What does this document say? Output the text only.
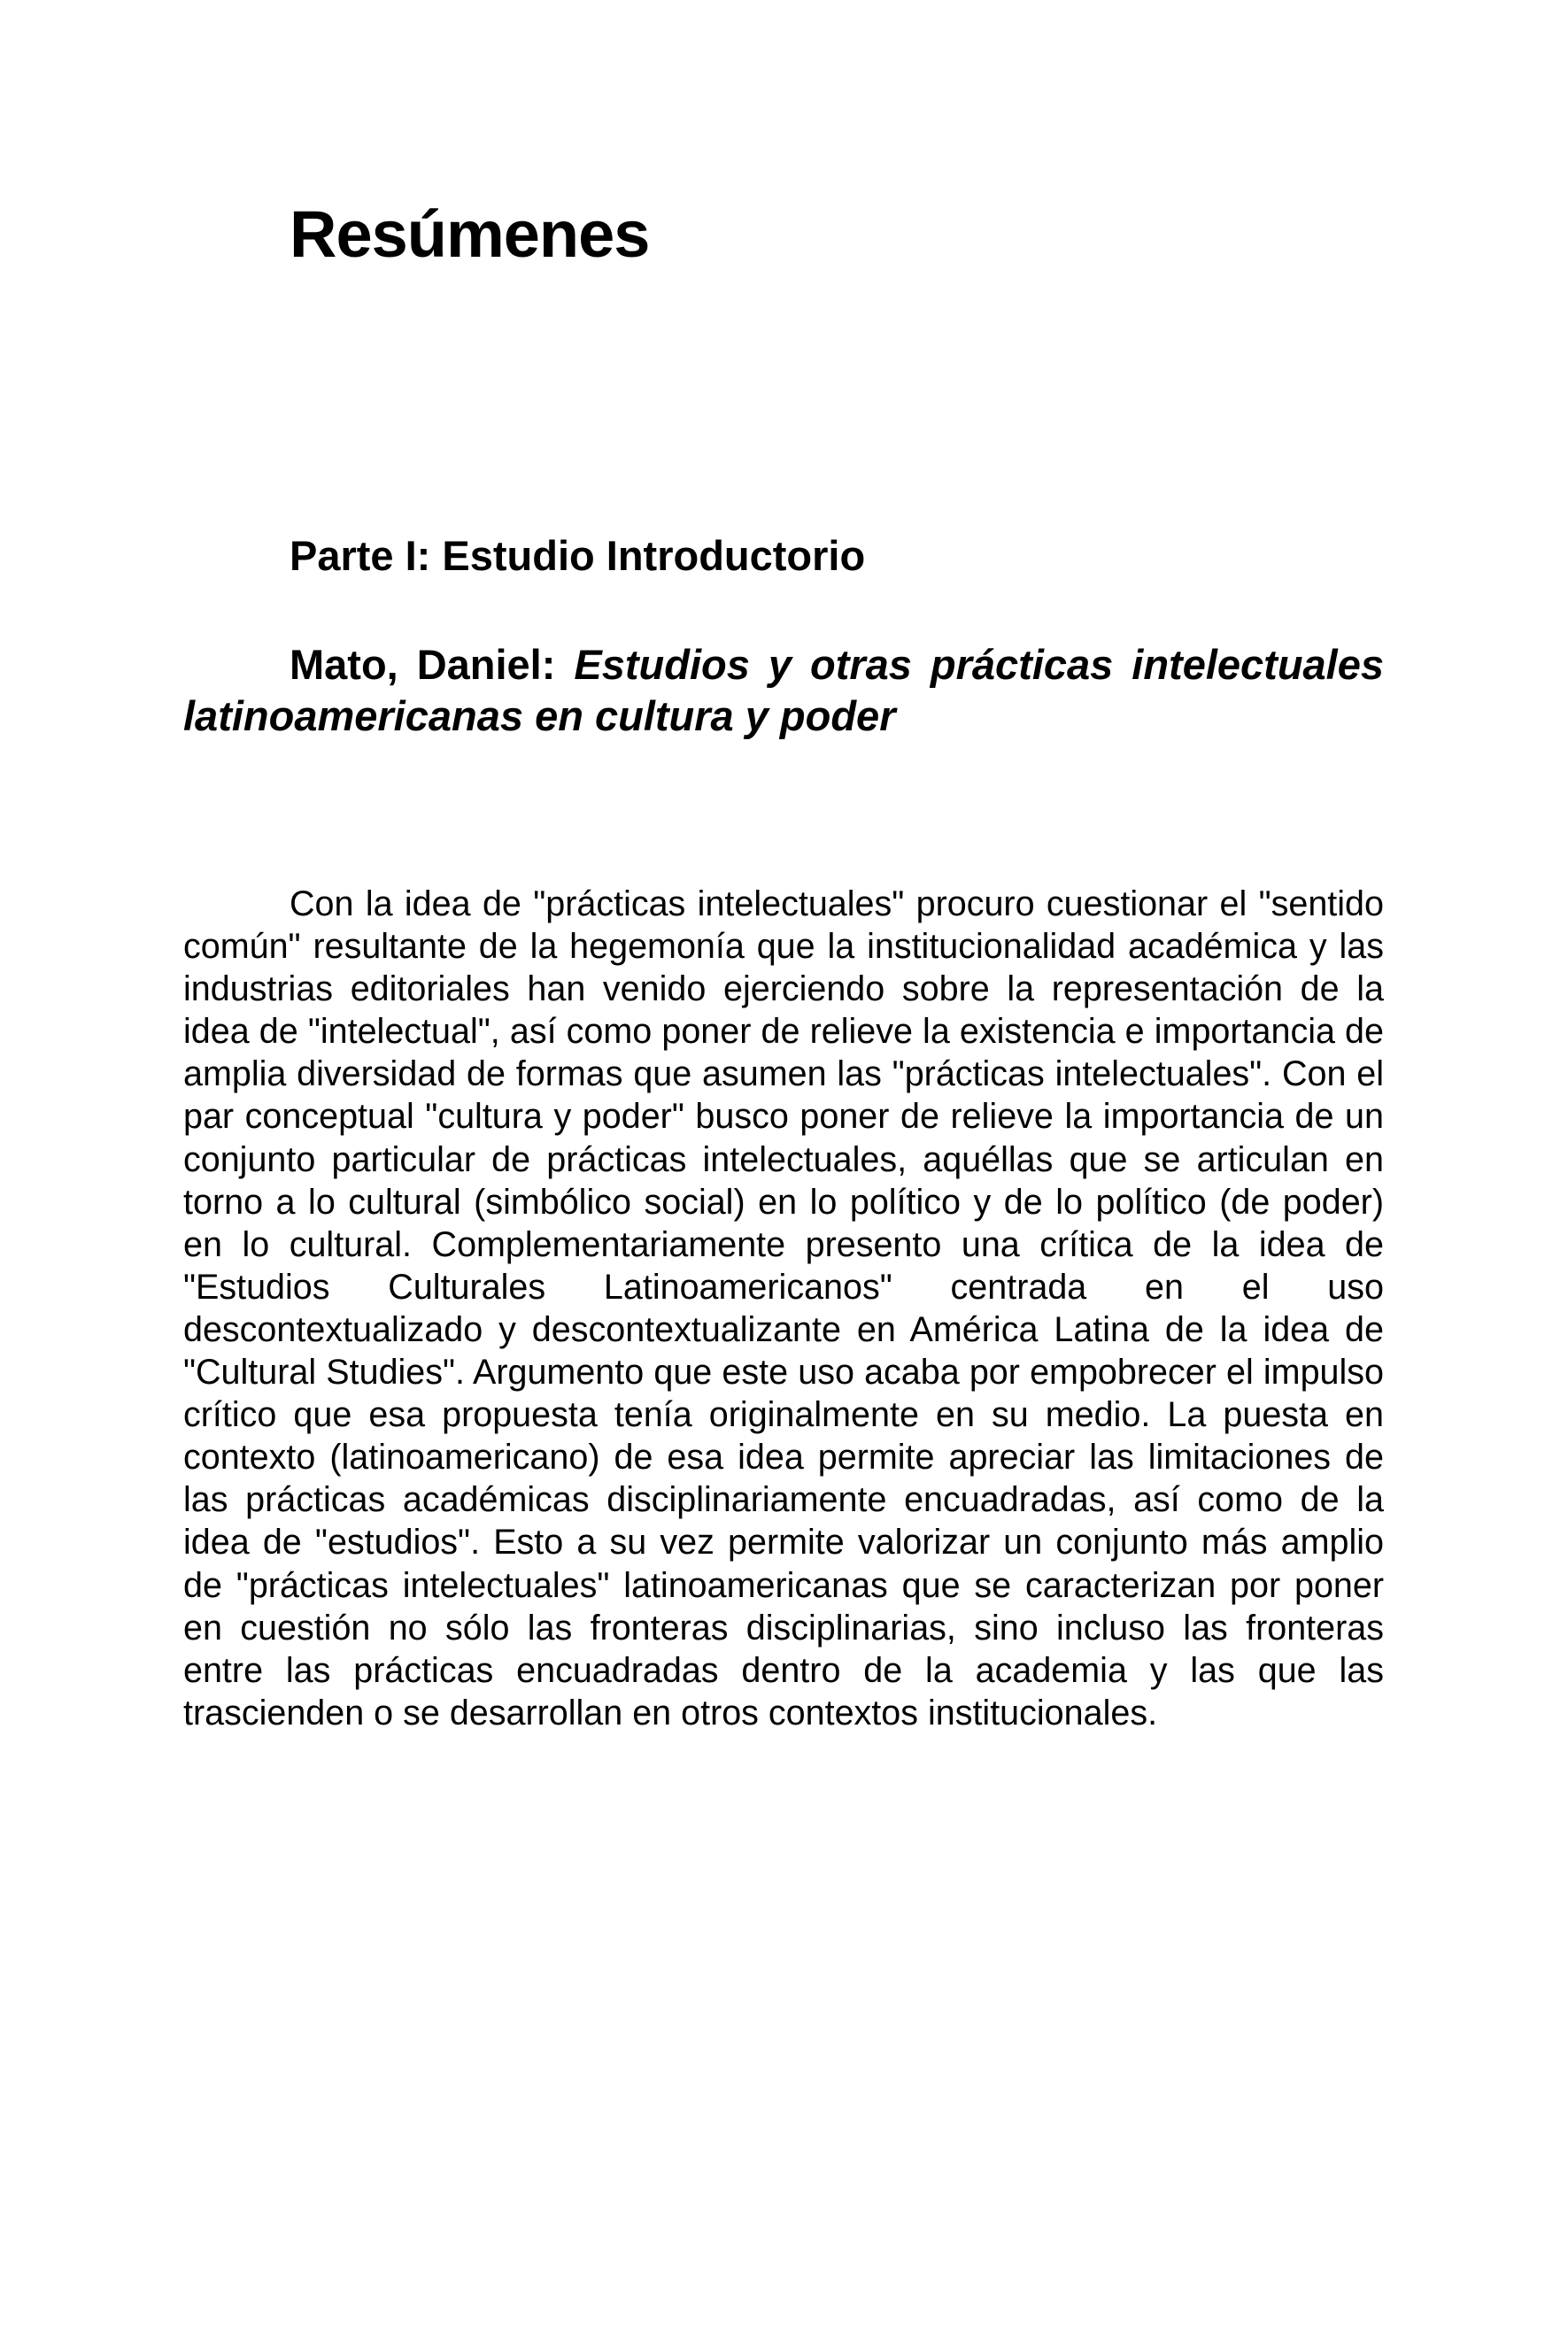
Resúmenes
Parte I: Estudio Introductorio
Mato, Daniel: Estudios y otras prácticas intelectuales latinoamericanas en cultura y poder

Con la idea de "prácticas intelectuales" procuro cuestionar el "sentido común" resultante de la hegemonía que la institucionalidad académica y las industrias editoriales han venido ejerciendo sobre la representación de la idea de "intelectual", así como poner de relieve la existencia e importancia de amplia diversidad de formas que asumen las "prácticas intelectuales". Con el par conceptual "cultura y poder" busco poner de relieve la importancia de un conjunto particular de prácticas intelectuales, aquéllas que se articulan en torno a lo cultural (simbólico social) en lo político y de lo político (de poder) en lo cultural. Complementariamente presento una crítica de la idea de "Estudios Culturales Latinoamericanos" centrada en el uso descontextualizado y descontextualizante en América Latina de la idea de "Cultural Studies". Argumento que este uso acaba por empobrecer el impulso crítico que esa propuesta tenía originalmente en su medio. La puesta en contexto (latinoamericano) de esa idea permite apreciar las limitaciones de las prácticas académicas disciplinariamente encuadradas, así como de la idea de "estudios". Esto a su vez permite valorizar un conjunto más amplio de "prácticas intelectuales" latinoamericanas que se caracterizan por poner en cuestión no sólo las fronteras disciplinarias, sino incluso las fronteras entre las prácticas encuadradas dentro de la academia y las que las trascienden o se desarrollan en otros contextos institucionales.
